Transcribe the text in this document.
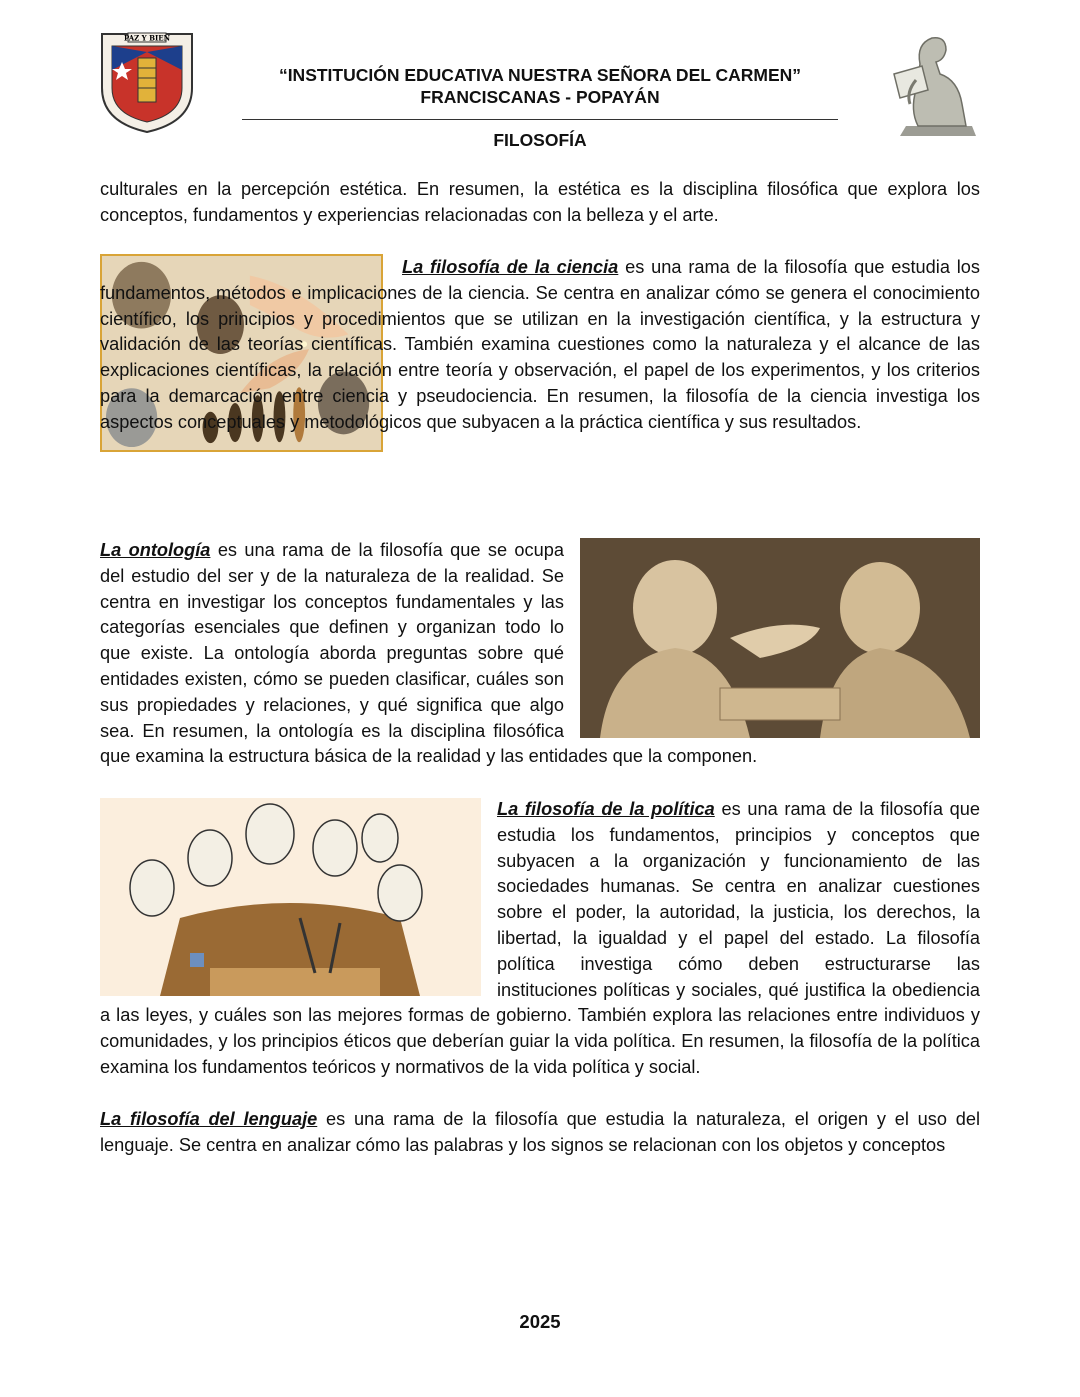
PAZ Y BIEN
“INSTITUCIÓN EDUCATIVA NUESTRA SEÑORA DEL CARMEN”
FRANCISCANAS - POPAYÁN
FILOSOFÍA

culturales en la percepción estética. En resumen, la estética es la disciplina filosófica que explora los conceptos, fundamentos y experiencias relacionadas con la belleza y el arte.

La filosofía de la ciencia es una rama de la filosofía que estudia los fundamentos, métodos e implicaciones de la ciencia. Se centra en analizar cómo se genera el conocimiento científico, los principios y procedimientos que se utilizan en la investigación científica, y la estructura y validación de las teorías científicas. También examina cuestiones como la naturaleza y el alcance de las explicaciones científicas, la relación entre teoría y observación, el papel de los experimentos, y los criterios para la demarcación entre ciencia y pseudociencia. En resumen, la filosofía de la ciencia investiga los aspectos conceptuales y metodológicos que subyacen a la práctica científica y sus resultados.

La ontología es una rama de la filosofía que se ocupa del estudio del ser y de la naturaleza de la realidad. Se centra en investigar los conceptos fundamentales y las categorías esenciales que definen y organizan todo lo que existe. La ontología aborda preguntas sobre qué entidades existen, cómo se pueden clasificar, cuáles son sus propiedades y relaciones, y qué significa que algo sea. En resumen, la ontología es la disciplina filosófica que examina la estructura básica de la realidad y las entidades que la componen.

La filosofía de la política es una rama de la filosofía que estudia los fundamentos, principios y conceptos que subyacen a la organización y funcionamiento de las sociedades humanas. Se centra en analizar cuestiones sobre el poder, la autoridad, la justicia, los derechos, la libertad, la igualdad y el papel del estado. La filosofía política investiga cómo deben estructurarse las instituciones políticas y sociales, qué justifica la obediencia a las leyes, y cuáles son las mejores formas de gobierno. También explora las relaciones entre individuos y comunidades, y los principios éticos que deberían guiar la vida política. En resumen, la filosofía de la política examina los fundamentos teóricos y normativos de la vida política y social.

La filosofía del lenguaje es una rama de la filosofía que estudia la naturaleza, el origen y el uso del lenguaje. Se centra en analizar cómo las palabras y los signos se relacionan con los objetos y conceptos

2025
